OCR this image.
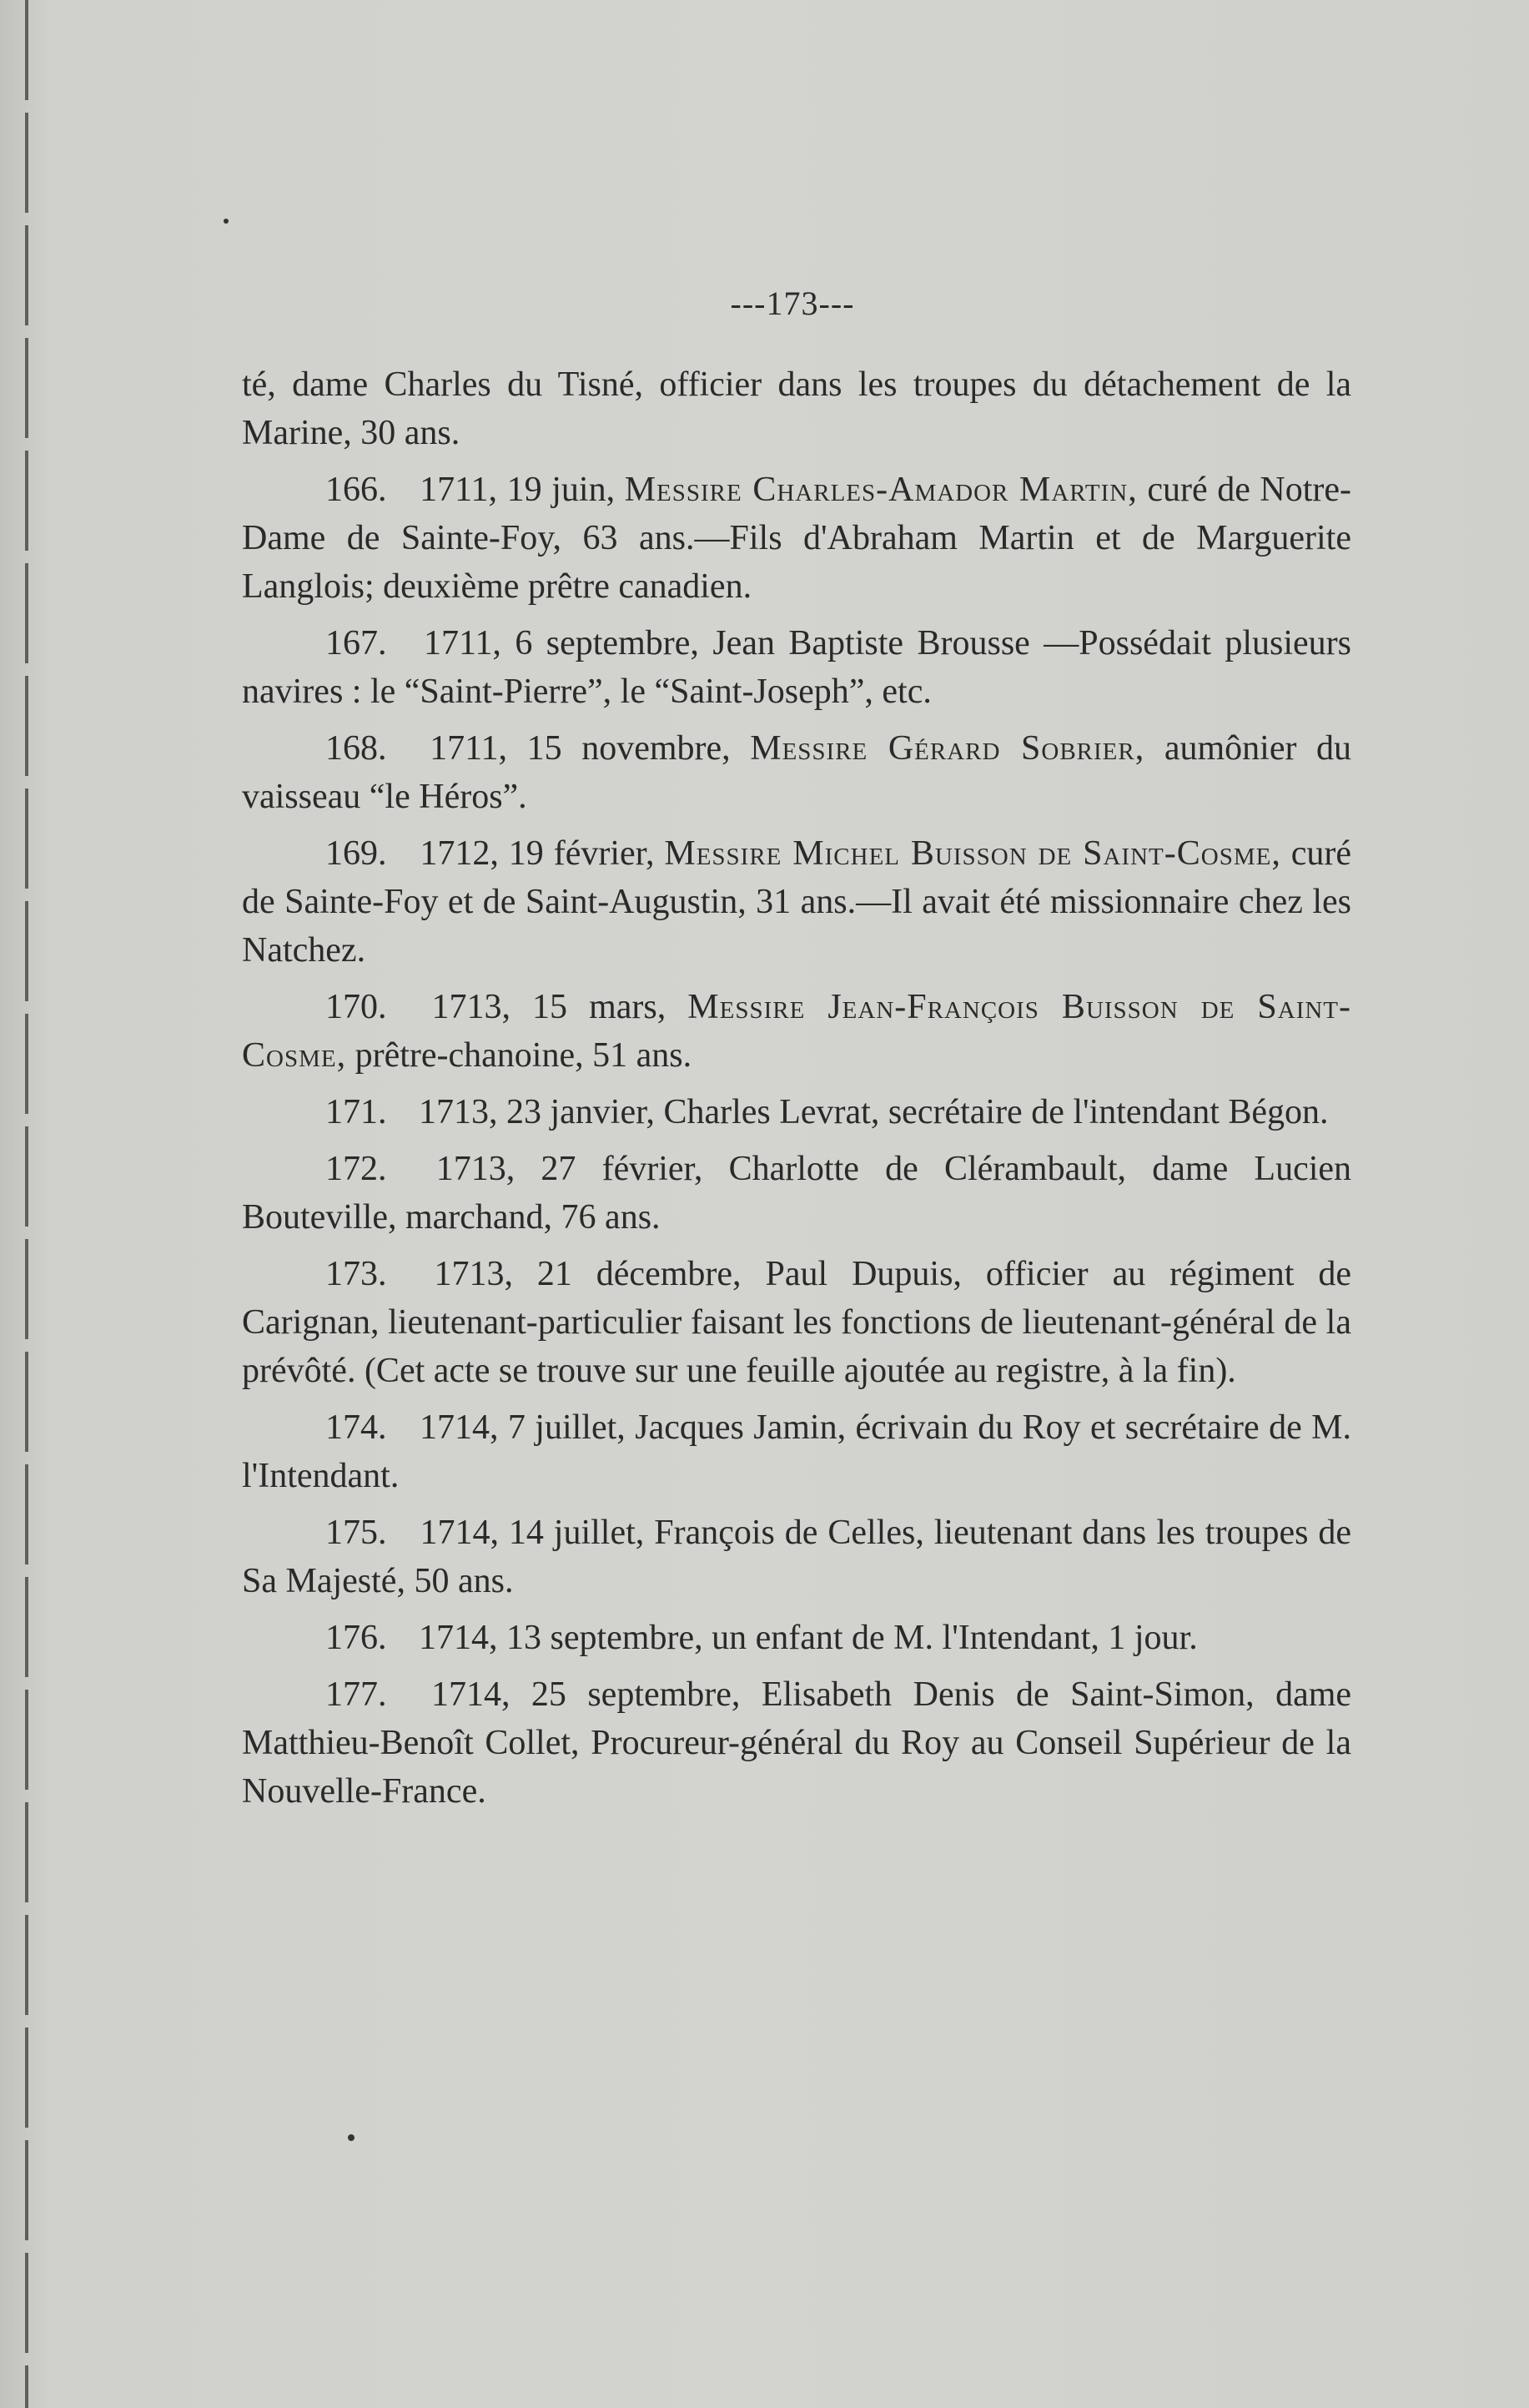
---173---

té, dame Charles du Tisné, officier dans les troupes du détachement de la Marine, 30 ans.

166. 1711, 19 juin, Messire Charles-Amador Martin, curé de Notre-Dame de Sainte-Foy, 63 ans.—Fils d'Abraham Martin et de Marguerite Langlois; deuxième prêtre canadien.

167. 1711, 6 septembre, Jean Baptiste Brousse —Possédait plusieurs navires : le “Saint-Pierre”, le “Saint-Joseph”, etc.

168. 1711, 15 novembre, Messire Gérard Sobrier, aumônier du vaisseau “le Héros”.

169. 1712, 19 février, Messire Michel Buisson de Saint-Cosme, curé de Sainte-Foy et de Saint-Augustin, 31 ans.—Il avait été missionnaire chez les Natchez.

170. 1713, 15 mars, Messire Jean-François Buisson de Saint-Cosme, prêtre-chanoine, 51 ans.

171. 1713, 23 janvier, Charles Levrat, secrétaire de l'intendant Bégon.

172. 1713, 27 février, Charlotte de Clérambault, dame Lucien Bouteville, marchand, 76 ans.

173. 1713, 21 décembre, Paul Dupuis, officier au régiment de Carignan, lieutenant-particulier faisant les fonctions de lieutenant-général de la prévôté. (Cet acte se trouve sur une feuille ajoutée au registre, à la fin).

174. 1714, 7 juillet, Jacques Jamin, écrivain du Roy et secrétaire de M. l'Intendant.

175. 1714, 14 juillet, François de Celles, lieutenant dans les troupes de Sa Majesté, 50 ans.

176. 1714, 13 septembre, un enfant de M. l'Intendant, 1 jour.

177. 1714, 25 septembre, Elisabeth Denis de Saint-Simon, dame Matthieu-Benoît Collet, Procureur-général du Roy au Conseil Supérieur de la Nouvelle-France.
